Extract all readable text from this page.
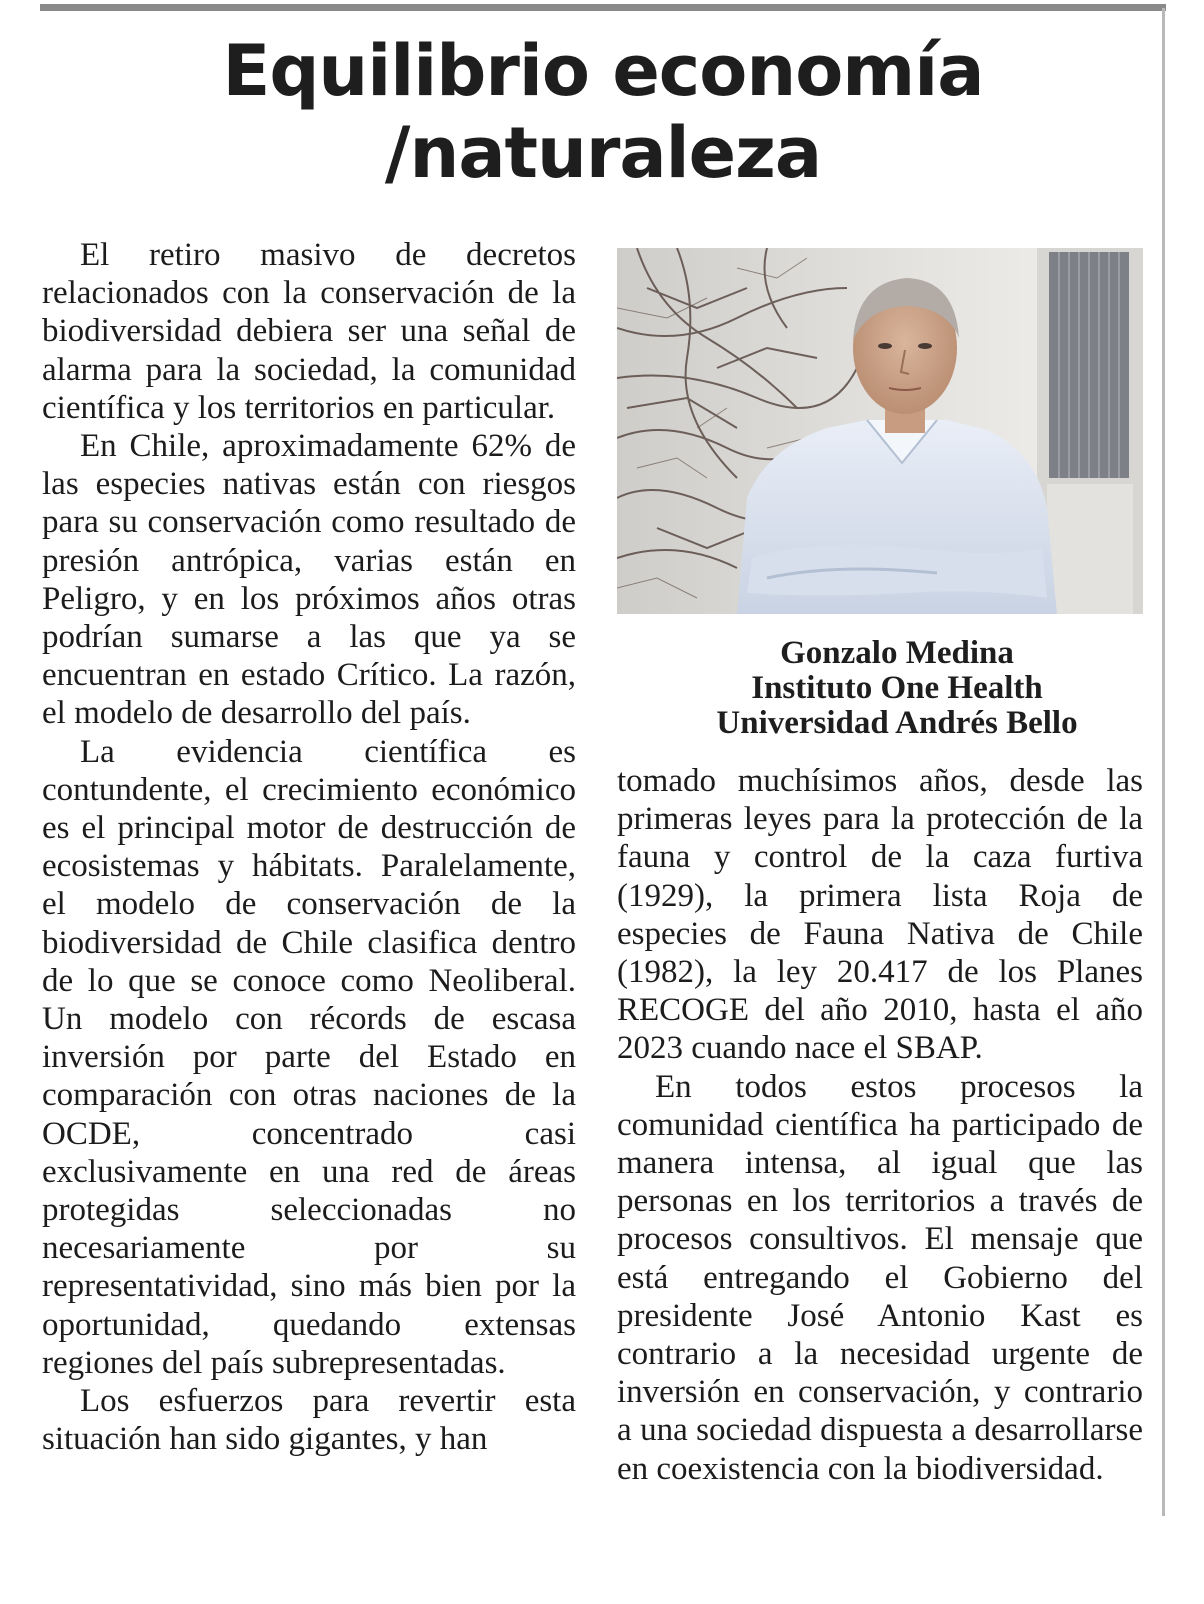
Equilibrio economía
/naturaleza

El retiro masivo de decretos relacionados con la conservación de la biodiversidad debiera ser una señal de alarma para la sociedad, la comunidad científica y los territorios en particular.

En Chile, aproximadamente 62% de las especies nativas están con riesgos para su conservación como resultado de presión antrópica, varias están en Peligro, y en los próximos años otras podrían sumarse a las que ya se encuentran en estado Crítico. La razón, el modelo de desarrollo del país.

La evidencia científica es contundente, el crecimiento económico es el principal motor de destrucción de ecosistemas y hábitats. Paralelamente, el modelo de conservación de la biodiversidad de Chile clasifica dentro de lo que se conoce como Neoliberal. Un modelo con récords de escasa inversión por parte del Estado en comparación con otras naciones de la OCDE, concentrado casi exclusivamente en una red de áreas protegidas seleccionadas no necesariamente por su representatividad, sino más bien por la oportunidad, quedando extensas regiones del país subrepresentadas.

Los esfuerzos para revertir esta situación han sido gigantes, y han

Gonzalo Medina
Instituto One Health
Universidad Andrés Bello

tomado muchísimos años, desde las primeras leyes para la protección de la fauna y control de la caza furtiva (1929), la primera lista Roja de especies de Fauna Nativa de Chile (1982), la ley 20.417 de los Planes RECOGE del año 2010, hasta el año 2023 cuando nace el SBAP.

En todos estos procesos la comunidad científica ha participado de manera intensa, al igual que las personas en los territorios a través de procesos consultivos. El mensaje que está entregando el Gobierno del presidente José Antonio Kast es contrario a la necesidad urgente de inversión en conservación, y contrario a una sociedad dispuesta a desarrollarse en coexistencia con la biodiversidad.
